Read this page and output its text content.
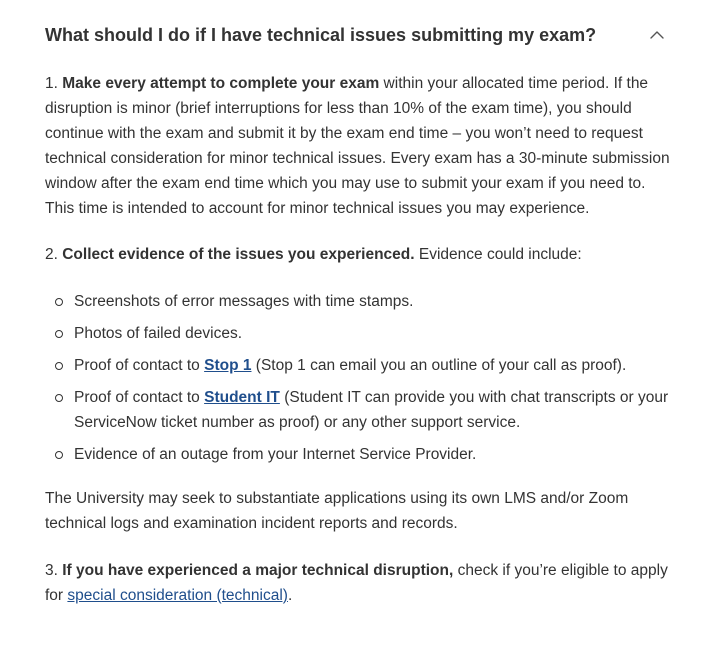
What should I do if I have technical issues submitting my exam?

1. Make every attempt to complete your exam within your allocated time period. If the disruption is minor (brief interruptions for less than 10% of the exam time), you should continue with the exam and submit it by the exam end time – you won’t need to request technical consideration for minor technical issues. Every exam has a 30-minute submission window after the exam end time which you may use to submit your exam if you need to. This time is intended to account for minor technical issues you may experience.

2. Collect evidence of the issues you experienced. Evidence could include:

Screenshots of error messages with time stamps.
Photos of failed devices.
Proof of contact to Stop 1 (Stop 1 can email you an outline of your call as proof).
Proof of contact to Student IT (Student IT can provide you with chat transcripts or your ServiceNow ticket number as proof) or any other support service.
Evidence of an outage from your Internet Service Provider.

The University may seek to substantiate applications using its own LMS and/or Zoom technical logs and examination incident reports and records.

3. If you have experienced a major technical disruption, check if you’re eligible to apply for special consideration (technical).
